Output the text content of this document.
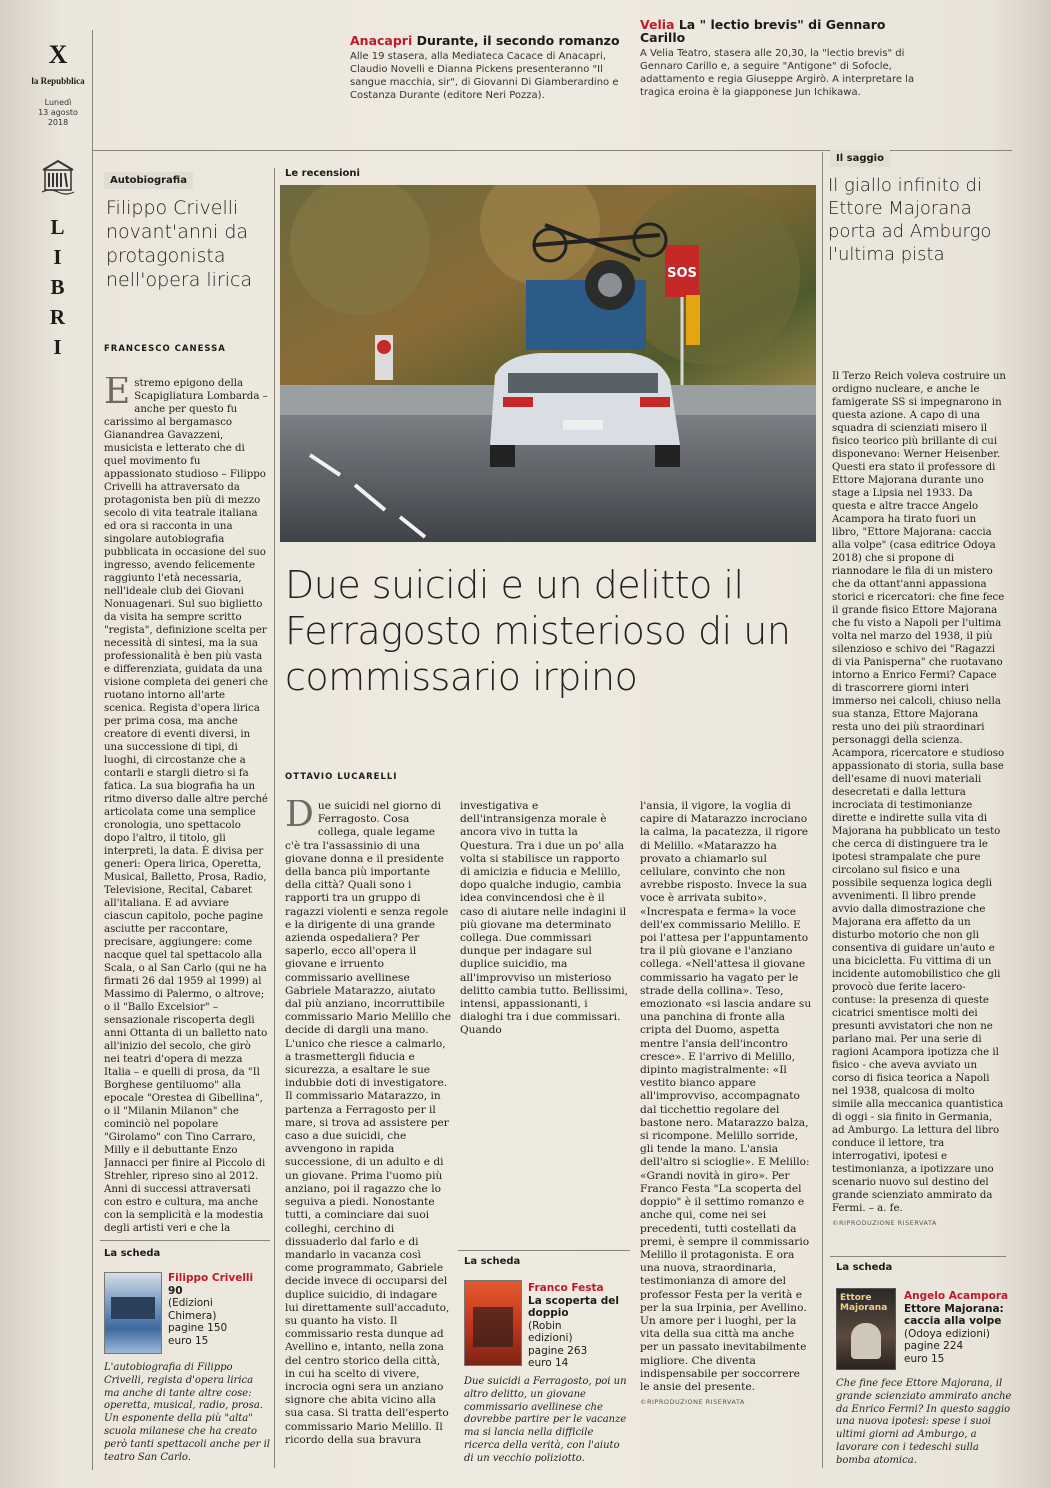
X
la Repubblica
Lunedì
13 agosto
2018
L
I
B
R
I
Anacapri Durante, il secondo romanzo
Alle 19 stasera, alla Mediateca Cacace di Anacapri, Claudio Novelli e Dianna Pickens presenteranno "Il sangue macchia, sir", di Giovanni Di Giamberardino e Costanza Durante (editore Neri Pozza).
Velia La " lectio brevis" di Gennaro Carillo
A Velia Teatro, stasera alle 20,30, la "lectio brevis" di Gennaro Carillo e, a seguire "Antigone" di Sofocle, adattamento e regia Giuseppe Argirò. A interpretare la tragica eroina è la giapponese Jun Ichikawa.
Autobiografia
Filippo Crivelli novant'anni da protagonista nell'opera lirica
FRANCESCO CANESSA
Estremo epigono della Scapigliatura Lombarda – anche per questo fu carissimo al bergamasco Gianandrea Gavazzeni, musicista e letterato che di quel movimento fu appassionato studioso – Filippo Crivelli ha attraversato da protagonista ben più di mezzo secolo di vita teatrale italiana ed ora si racconta in una singolare autobiografia pubblicata in occasione del suo ingresso, avendo felicemente raggiunto l'età necessaria, nell'ideale club dei Giovani Nonuagenari. Sul suo biglietto da visita ha sempre scritto "regista", definizione scelta per necessità di sintesi, ma la sua professionalità è ben più vasta e differenziata, guidata da una visione completa dei generi che ruotano intorno all'arte scenica. Regista d'opera lirica per prima cosa, ma anche creatore di eventi diversi, in una successione di tipi, di luoghi, di circostanze che a contarli e stargli dietro si fa fatica. La sua biografia ha un ritmo diverso dalle altre perché articolata come una semplice cronologia, uno spettacolo dopo l'altro, il titolo, gli interpreti, la data. È divisa per generi: Opera lirica, Operetta, Musical, Balletto, Prosa, Radio, Televisione, Recital, Cabaret all'italiana. E ad avviare ciascun capitolo, poche pagine asciutte per raccontare, precisare, aggiungere: come nacque quel tal spettacolo alla Scala, o al San Carlo (qui ne ha firmati 26 dal 1959 al 1999) al Massimo di Palermo, o altrove; o il "Ballo Excelsior" – sensazionale riscoperta degli anni Ottanta di un balletto nato all'inizio del secolo, che girò nei teatri d'opera di mezza Italia – e quelli di prosa, da "Il Borghese gentiluomo" alla epocale "Orestea di Gibellina", o il "Milanin Milanon" che cominciò nel popolare "Girolamo" con Tino Carraro, Milly e il debuttante Enzo Jannacci per finire al Piccolo di Strehler, ripreso sino al 2012. Anni di successi attraversati con estro e cultura, ma anche con la semplicità e la modestia degli artisti veri e che la
La scheda
Filippo Crivelli
90
(Edizioni
Chimera)
pagine 150
euro 15
L'autobiografia di Filippo Crivelli, regista d'opera lirica ma anche di tante altre cose: operetta, musical, radio, prosa. Un esponente della più "alta" scuola milanese che ha creato però tanti spettacoli anche per il teatro San Carlo.
Le recensioni
SOS
Due suicidi e un delitto il Ferragosto misterioso di un commissario irpino
OTTAVIO LUCARELLI
Due suicidi nel giorno di Ferragosto. Cosa collega, quale legame c'è tra l'assassinio di una giovane donna e il presidente della banca più importante della città? Quali sono i rapporti tra un gruppo di ragazzi violenti e senza regole e la dirigente di una grande azienda ospedaliera? Per saperlo, ecco all'opera il giovane e irruento commissario avellinese Gabriele Matarazzo, aiutato dal più anziano, incorruttibile commissario Mario Melillo che decide di dargli una mano. L'unico che riesce a calmarlo, a trasmettergli fiducia e sicurezza, a esaltare le sue indubbie doti di investigatore. Il commissario Matarazzo, in partenza a Ferragosto per il mare, si trova ad assistere per caso a due suicidi, che avvengono in rapida successione, di un adulto e di un giovane. Prima l'uomo più anziano, poi il ragazzo che lo seguiva a piedi. Nonostante tutti, a cominciare dai suoi colleghi, cerchino di dissuaderlo dal farlo e di mandarlo in vacanza così come programmato, Gabriele decide invece di occuparsi del duplice suicidio, di indagare lui direttamente sull'accaduto, su quanto ha visto. Il commissario resta dunque ad Avellino e, intanto, nella zona del centro storico della città, in cui ha scelto di vivere, incrocia ogni sera un anziano signore che abita vicino alla sua casa. Si tratta dell'esperto commissario Mario Melillo. Il ricordo della sua bravura
investigativa e dell'intransigenza morale è ancora vivo in tutta la Questura. Tra i due un po' alla volta si stabilisce un rapporto di amicizia e fiducia e Melillo, dopo qualche indugio, cambia idea convincendosi che è il caso di aiutare nelle indagini il più giovane ma determinato collega. Due commissari dunque per indagare sul duplice suicidio, ma all'improvviso un misterioso delitto cambia tutto. Bellissimi, intensi, appassionanti, i dialoghi tra i due commissari. Quando
La scheda
Franco Festa
La scoperta del doppio
(Robin
edizioni)
pagine 263
euro 14
Due suicidi a Ferragosto, poi un altro delitto, un giovane commissario avellinese che dovrebbe partire per le vacanze ma si lancia nella difficile ricerca della verità, con l'aiuto di un vecchio poliziotto.
l'ansia, il vigore, la voglia di capire di Matarazzo incrociano la calma, la pacatezza, il rigore di Melillo. «Matarazzo ha provato a chiamarlo sul cellulare, convinto che non avrebbe risposto. Invece la sua voce è arrivata subito». «Increspata e ferma» la voce dell'ex commissario Melillo. E poi l'attesa per l'appuntamento tra il più giovane e l'anziano collega. «Nell'attesa il giovane commissario ha vagato per le strade della collina». Teso, emozionato «si lascia andare su una panchina di fronte alla cripta del Duomo, aspetta mentre l'ansia dell'incontro cresce». E l'arrivo di Melillo, dipinto magistralmente: «Il vestito bianco appare all'improvviso, accompagnato dal ticchettio regolare del bastone nero. Matarazzo balza, si ricompone. Melillo sorride, gli tende la mano. L'ansia dell'altro si scioglie». E Melillo: «Grandi novità in giro». Per Franco Festa "La scoperta del doppio" è il settimo romanzo e anche qui, come nei sei precedenti, tutti costellati da premi, è sempre il commissario Melillo il protagonista. E ora una nuova, straordinaria, testimonianza di amore del professor Festa per la verità e per la sua Irpinia, per Avellino. Un amore per i luoghi, per la vita della sua città ma anche per un passato inevitabilmente migliore. Che diventa indispensabile per soccorrere le ansie del presente.
©RIPRODUZIONE RISERVATA
Il saggio
Il giallo infinito di Ettore Majorana porta ad Amburgo l'ultima pista
Il Terzo Reich voleva costruire un ordigno nucleare, e anche le famigerate SS si impegnarono in questa azione. A capo di una squadra di scienziati misero il fisico teorico più brillante di cui disponevano: Werner Heisenber. Questi era stato il professore di Ettore Majorana durante uno stage a Lipsia nel 1933. Da questa e altre tracce Angelo Acampora ha tirato fuori un libro, "Ettore Majorana: caccia alla volpe" (casa editrice Odoya 2018) che si propone di riannodare le fila di un mistero che da ottant'anni appassiona storici e ricercatori: che fine fece il grande fisico Ettore Majorana che fu visto a Napoli per l'ultima volta nel marzo del 1938, il più silenzioso e schivo dei "Ragazzi di via Panisperna" che ruotavano intorno a Enrico Fermi? Capace di trascorrere giorni interi immerso nei calcoli, chiuso nella sua stanza, Ettore Majorana resta uno dei più straordinari personaggi della scienza. Acampora, ricercatore e studioso appassionato di storia, sulla base dell'esame di nuovi materiali desecretati e dalla lettura incrociata di testimonianze dirette e indirette sulla vita di Majorana ha pubblicato un testo che cerca di distinguere tra le ipotesi strampalate che pure circolano sul fisico e una possibile sequenza logica degli avvenimenti. Il libro prende avvio dalla dimostrazione che Majorana era affetto da un disturbo motorio che non gli consentiva di guidare un'auto e una bicicletta. Fu vittima di un incidente automobilistico che gli provocò due ferite lacero-contuse: la presenza di queste cicatrici smentisce molti dei presunti avvistatori che non ne parlano mai. Per una serie di ragioni Acampora ipotizza che il fisico - che aveva avviato un corso di fisica teorica a Napoli nel 1938, qualcosa di molto simile alla meccanica quantistica di oggi - sia finito in Germania, ad Amburgo. La lettura del libro conduce il lettore, tra interrogativi, ipotesi e testimonianza, a ipotizzare uno scenario nuovo sul destino del grande scienziato ammirato da Fermi. – a. fe.
©RIPRODUZIONE RISERVATA
La scheda
Ettore Majorana
Angelo Acampora
Ettore Majorana: caccia alla volpe
(Odoya edizioni)
pagine 224
euro 15
Che fine fece Ettore Majorana, il grande scienziato ammirato anche da Enrico Fermi? In questo saggio una nuova ipotesi: spese i suoi ultimi giorni ad Amburgo, a lavorare con i tedeschi sulla bomba atomica.
